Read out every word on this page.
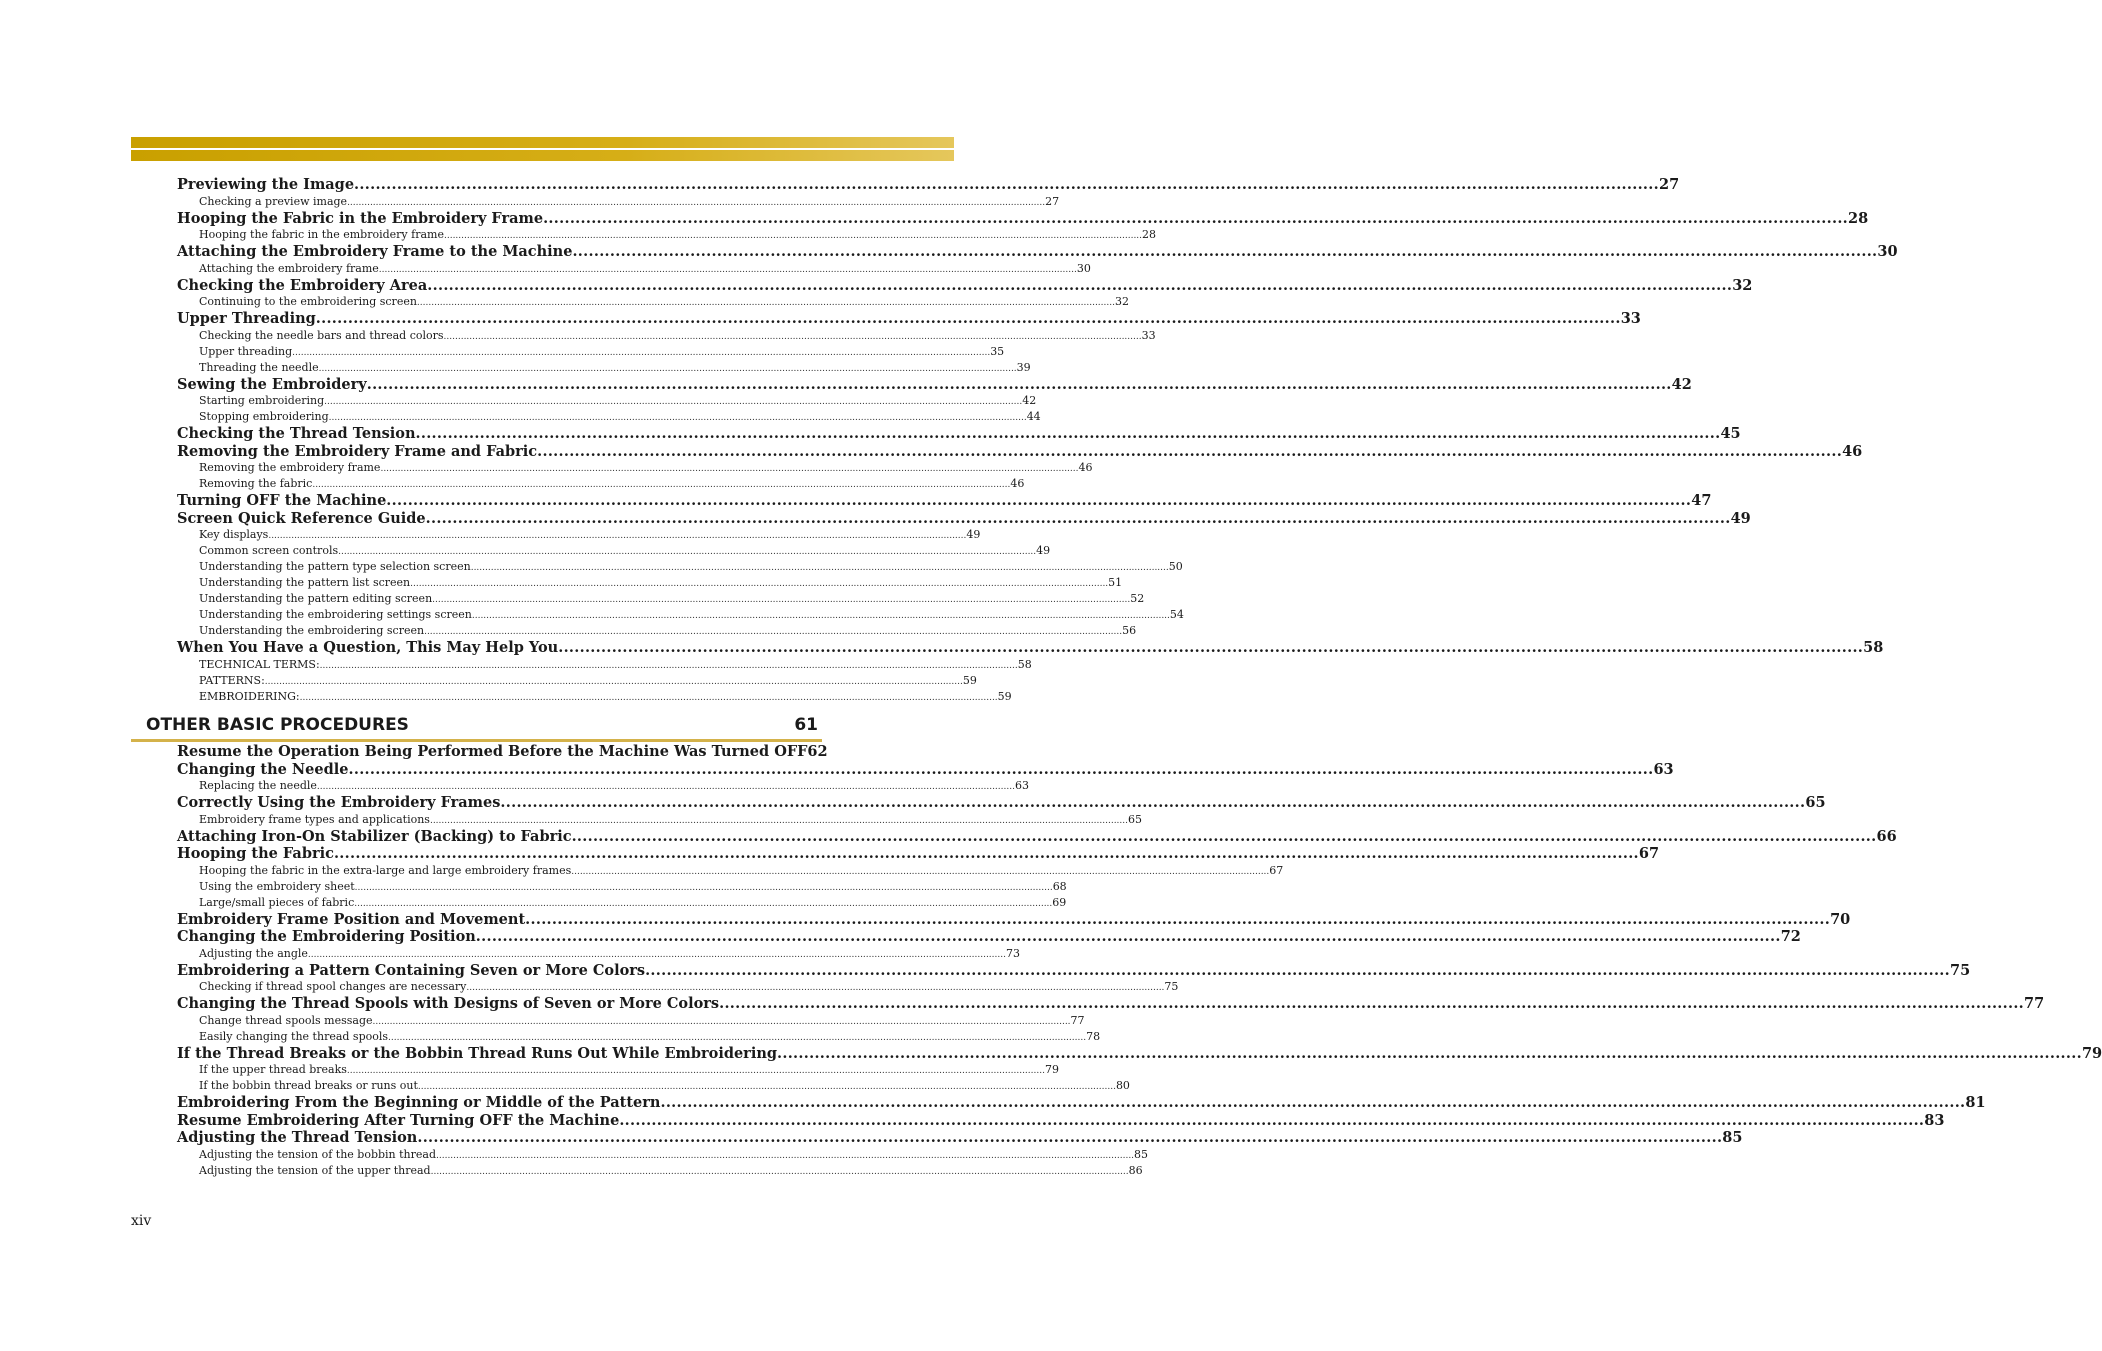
Previewing the Image .....	27
Checking a preview image .....	27
Hooping the Fabric in the Embroidery Frame .....	28
Hooping the fabric in the embroidery frame .....	28
Attaching the Embroidery Frame to the Machine .....	30
Attaching the embroidery frame .....	30
Checking the Embroidery Area .....	32
Continuing to the embroidering screen .....	32
Upper Threading .....	33
Checking the needle bars and thread colors .....	33
Upper threading .....	35
Threading the needle .....	39
Sewing the Embroidery .....	42
Starting embroidering .....	42
Stopping embroidering .....	44
Checking the Thread Tension .....	45
Removing the Embroidery Frame and Fabric .....	46
Removing the embroidery frame .....	46
Removing the fabric .....	46
Turning OFF the Machine .....	47
Screen Quick Reference Guide .....	49
Key displays .....	49
Common screen controls .....	49
Understanding the pattern type selection screen .....	50
Understanding the pattern list screen .....	51
Understanding the pattern editing screen .....	52
Understanding the embroidering settings screen .....	54
Understanding the embroidering screen .....	56
When You Have a Question, This May Help You .....	58
TECHNICAL TERMS: .....	58
PATTERNS: .....	59
EMBROIDERING: .....	59
OTHER BASIC PROCEDURES	61
Resume the Operation Being Performed Before the Machine Was Turned OFF 62
Changing the Needle .....	63
Replacing the needle .....	63
Correctly Using the Embroidery Frames .....	65
Embroidery frame types and applications .....	65
Attaching Iron-On Stabilizer (Backing) to Fabric .....	66
Hooping the Fabric .....	67
Hooping the fabric in the extra-large and large embroidery frames .....	67
Using the embroidery sheet .....	68
Large/small pieces of fabric .....	69
Embroidery Frame Position and Movement .....	70
Changing the Embroidering Position .....	72
Adjusting the angle .....	73
Embroidering a Pattern Containing Seven or More Colors .....	75
Checking if thread spool changes are necessary .....	75
Changing the Thread Spools with Designs of Seven or More Colors .....	77
Change thread spools message .....	77
Easily changing the thread spools .....	78
If the Thread Breaks or the Bobbin Thread Runs Out While Embroidering .....	79
If the upper thread breaks .....	79
If the bobbin thread breaks or runs out .....	80
Embroidering From the Beginning or Middle of the Pattern .....	81
Resume Embroidering After Turning OFF the Machine .....	83
Adjusting the Thread Tension .....	85
Adjusting the tension of the bobbin thread .....	85
Adjusting the tension of the upper thread .....	86
xiv
